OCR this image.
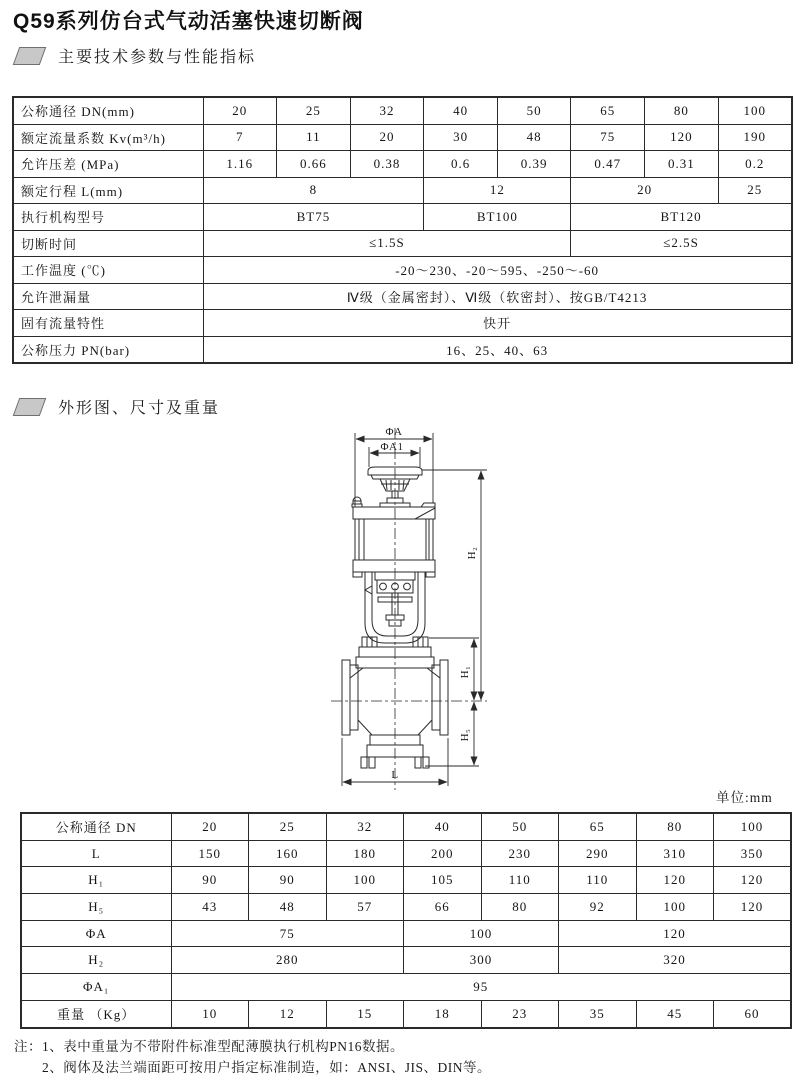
Q59系列仿台式气动活塞快速切断阀
主要技术参数与性能指标
公称通径 DN(mm)	20	25	32	40	50	65	80	100
额定流量系数 Kv(m³/h)	7	11	20	30	48	75	120	190
允许压差 (MPa)	1.16	0.66	0.38	0.6	0.39	0.47	0.31	0.2
额定行程 L(mm)	8			12		20		25
执行机构型号	BT75			BT100		BT120		
切断时间	≤1.5S					≤2.5S		
工作温度 (℃)	-20～230、-20～595、-250～-60							
允许泄漏量	Ⅳ级（金属密封）、Ⅵ级（软密封）、按GB/T4213							
固有流量特性	快开							
公称压力 PN(bar)	16、25、40、63							
外形图、尺寸及重量
ΦA
ΦA1
H₂
H₁
H₅
L
单位:mm
公称通径 DN	20	25	32	40	50	65	80	100
L	150	160	180	200	230	290	310	350
H₁	90	90	100	105	110	110	120	120
H₅	43	48	57	66	80	92	100	120
ΦA	75			100		120		
H₂	280			300		320		
ΦA₁	95							
重量 （Kg）	10	12	15	18	23	35	45	60
注：1、表中重量为不带附件标准型配薄膜执行机构PN16数据。
2、阀体及法兰端面距可按用户指定标准制造，如：ANSI、JIS、DIN等。
